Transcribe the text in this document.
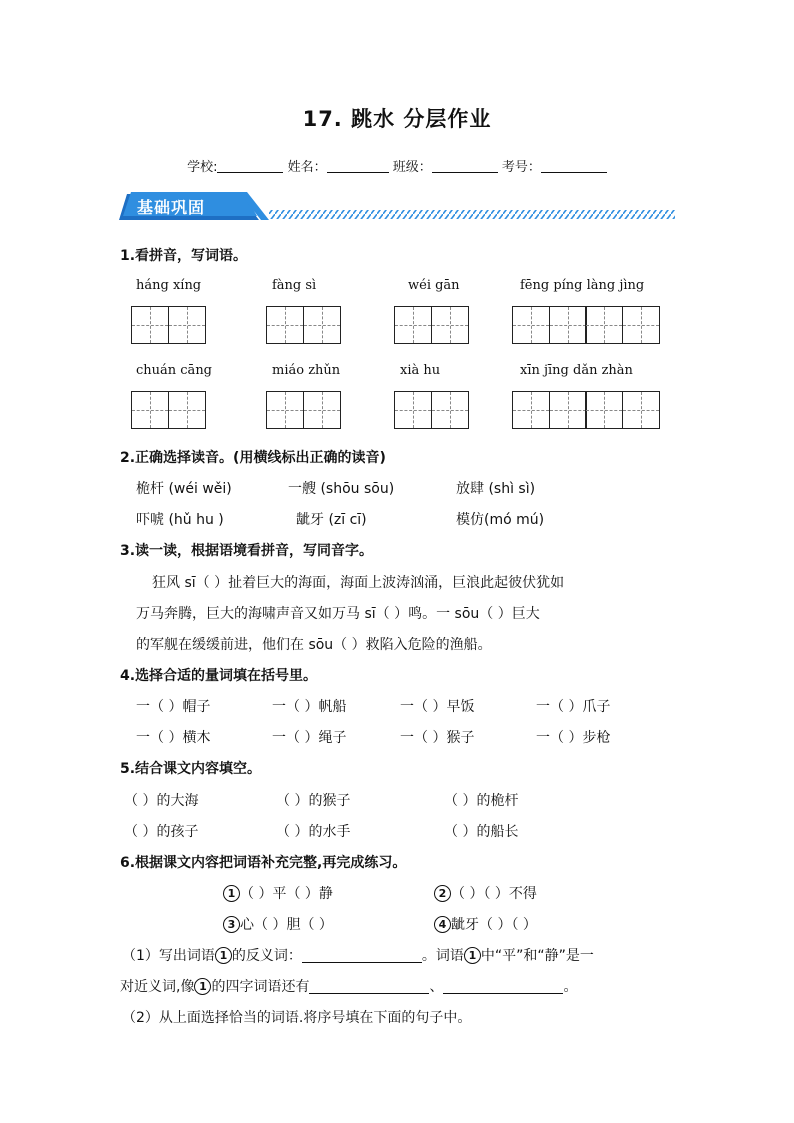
17. 跳水 分层作业
学校:	姓名：	班级：	考号：
基础巩固
1.看拼音，写词语。
háng xíng	fàng sì	wéi gān	fēng píng làng jìng
chuán cāng	miáo zhǔn	xià hu	xīn jīng dǎn zhàn
2.正确选择读音。(用横线标出正确的读音)
桅杆 (wéi wěi)	一艘 (shōu sōu)	放肆 (shì sì)
吓唬 (hǔ hu )	龇牙 (zī cī)	模仿(mó mú)
3.读一读，根据语境看拼音，写同音字。
狂风 sī（ ）扯着巨大的海面，海面上波涛汹涌，巨浪此起彼伏犹如
万马奔腾，巨大的海啸声音又如万马 sī（ ）鸣。一 sōu（ ）巨大
的军舰在缓缓前进，他们在 sōu（ ）救陷入危险的渔船。
4.选择合适的量词填在括号里。
一（ ）帽子	一（ ）帆船	一（ ）早饭	一（ ）爪子
一（ ）横木	一（ ）绳子	一（ ）猴子	一（ ）步枪
5.结合课文内容填空。
（ ）的大海	（ ）的猴子	（ ）的桅杆
（ ）的孩子	（ ）的水手	（ ）的船长
6.根据课文内容把词语补充完整,再完成练习。
1 （ ）平（ ）静	2 （ ）（ ）不得
3 心（ ）胆（ ）	4 龇牙（ ）（ ）
（1）写出词语 1 的反义词：	。词语 1 中“平”和“静”是一
对近义词,像 1 的四字词语还有	、	。
（2）从上面选择恰当的词语.将序号填在下面的句子中。
